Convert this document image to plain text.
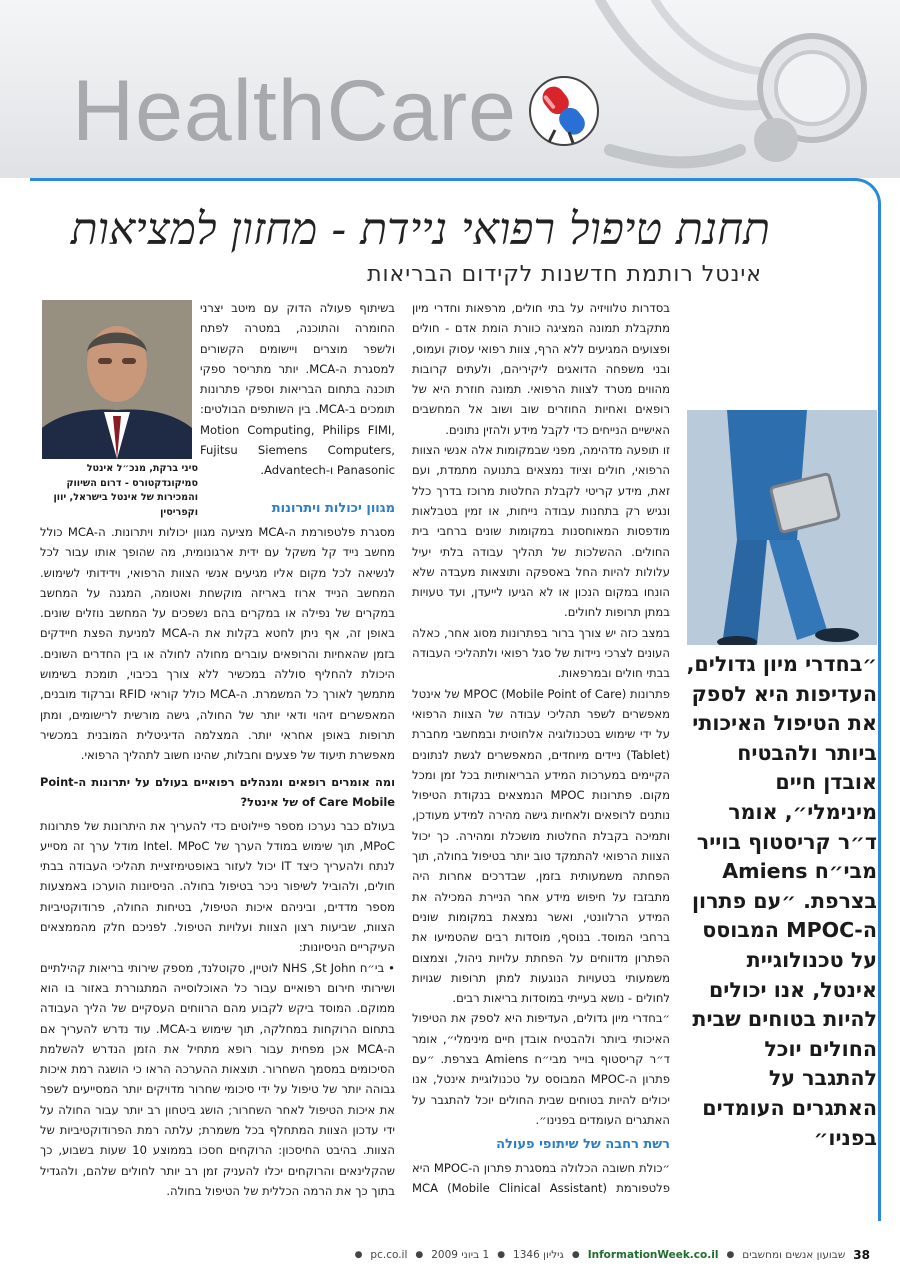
HealthCare
תחנת טיפול רפואי ניידת - מחזון למציאות
אינטל רותמת חדשנות לקידום הבריאות
סיני ברקת, מנכ״ל אינטל סמיקונדקטורס - דרום השיווק והמכירות של אינטל בישראל, יוון וקפריסין
״בחדרי מיון גדולים, העדיפות היא לספק את הטיפול האיכותי ביותר ולהבטיח אובדן חיים מינימלי״, אומר ד״ר קריסטוף בוייר מבי״ח Amiens בצרפת. ״עם פתרון ה-MPOC המבוסס על טכנולוגיית אינטל, אנו יכולים להיות בטוחים שבית החולים יוכל להתגבר על האתגרים העומדים בפניו״

בסדרות טלוויזיה על בתי חולים, מרפאות וחדרי מיון מתקבלת תמונה המציגה כוורת הומת אדם - חולים ופצועים המגיעים ללא הרף, צוות רפואי עסוק ועמוס, ובני משפחה הדואגים ליקיריהם, ולעתים קרובות מהווים מטרד לצוות הרפואי. תמונה חוזרת היא של רופאים ואחיות החוזרים שוב ושוב אל המחשבים האישיים הנייחים כדי לקבל מידע ולהזין נתונים.

זו תופעה מדהימה, מפני שבמקומות אלה אנשי הצוות הרפואי, חולים וציוד נמצאים בתנועה מתמדת, ועם זאת, מידע קריטי לקבלת החלטות מרוכז בדרך כלל ונגיש רק בתחנות עבודה נייחות, או זמין בטבלאות מודפסות המאוחסנות במקומות שונים ברחבי בית החולים. ההשלכות של תהליך עבודה בלתי יעיל עלולות להיות החל באספקה ותוצאות מעבדה שלא הונחו במקום הנכון או לא הגיעו לייעדן, ועד טעויות במתן תרופות לחולים.

במצב כזה יש צורך ברור בפתרונות מסוג אחר, כאלה העונים לצרכי ניידות של סגל רפואי ולתהליכי העבודה בבתי חולים ובמרפאות.

פתרונות (Mobile Point of Care) MPOC של אינטל מאפשרים לשפר תהליכי עבודה של הצוות הרפואי על ידי שימוש בטכנולוגיה אלחוטית ובמחשבי מחברת (Tablet) ניידים מיוחדים, המאפשרים לגשת לנתונים הקיימים במערכות המידע הבריאותיות בכל זמן ומכל מקום. פתרונות MPOC הנמצאים בנקודת הטיפול נותנים לרופאים ולאחיות גישה מהירה למידע מעודכן, ותמיכה בקבלת החלטות מושכלת ומהירה. כך יכול הצוות הרפואי להתמקד טוב יותר בטיפול בחולה, תוך הפחתה משמעותית בזמן, שבדרכים אחרות היה מתבזבז על חיפוש מידע אחר הניירת המכילה את המידע הרלוונטי, ואשר נמצאת במקומות שונים ברחבי המוסד. בנוסף, מוסדות רבים שהטמיעו את הפתרון מדווחים על הפחתת עלויות ניהול, וצמצום משמעותי בטעויות הנוגעות למתן תרופות שגויות לחולים - נושא בעייתי במוסדות בריאות רבים.

״בחדרי מיון גדולים, העדיפות היא לספק את הטיפול האיכותי ביותר ולהבטיח אובדן חיים מינימלי״, אומר ד״ר קריסטוף בוייר מבי״ח Amiens בצרפת. ״עם פתרון ה-MPOC המבוסס על טכנולוגיית אינטל, אנו יכולים להיות בטוחים שבית החולים יוכל להתגבר על האתגרים העומדים בפנינו״.

רשת רחבה של שיתופי פעולה

״כולת חשובה הכלולה במסגרת פתרון ה-MPOC היא פלטפורמת MCA (Mobile Clinical Assistant)

בשיתוף פעולה הדוק עם מיטב יצרני החומרה והתוכנה, במטרה לפתח ולשפר מוצרים ויישומים הקשורים למסגרת ה-MCA. יותר מתריסר ספקי תוכנה בתחום הבריאות וספקי פתרונות תומכים ב-MCA. בין השותפים הבולטים: Motion Computing, Philips FIMI, Fujitsu Siemens Computers, Panasonic ו-Advantech.

מגוון יכולות ויתרונות

מסגרת פלטפורמת ה-MCA מציעה מגוון יכולות ויתרונות. ה-MCA כולל מחשב נייד קל משקל עם ידית ארגונומית, מה שהופך אותו עבור לכל לנשיאה לכל מקום אליו מגיעים אנשי הצוות הרפואי, וידידותי לשימוש. המחשב הנייד ארוז באריזה מוקשחת ואטומה, המגנה על המחשב במקרים של נפילה או במקרים בהם נשפכים על המחשב נוזלים שונים. באופן זה, אף ניתן לחטא בקלות את ה-MCA למניעת הפצת חיידקים בזמן שהאחיות והרופאים עוברים מחולה לחולה או בין החדרים השונים. היכולת להחליף סוללה במכשיר ללא צורך בכיבוי, תומכת בשימוש מתמשך לאורך כל המשמרת. ה-MCA כולל קוראי RFID וברקוד מובנים, המאפשרים זיהוי ודאי יותר של החולה, גישה מורשית לרישומים, ומתן תרופות באופן אחראי יותר. המצלמה הדיגיטלית המובנית במכשיר מאפשרת תיעוד של פצעים וחבלות, שהינו חשוב לתהליך הרפואי.

ומה אומרים רופאים ומנהלים רפואיים בעולם על יתרונות ה-Point of Care Mobile של אינטל?

בעולם כבר נערכו מספר פיילוטים כדי להעריך את היתרונות של פתרונות MPoC, תוך שימוש במודל הערך של Intel. MPoC מודל ערך זה מסייע לנתח ולהעריך כיצד IT יכול לעזור באופטימיזציית תהליכי העבודה בבתי חולים, ולהוביל לשיפור ניכר בטיפול בחולה. הניסיונות הוערכו באמצעות מספר מדדים, וביניהם איכות הטיפול, בטיחות החולה, פרודוקטיביות הצוות, שביעות רצון הצוות ועלויות הטיפול. לפניכם חלק מהממצאים העיקריים הניסיונות:

• בי״ח NHS ,St John לוטיין, סקוטלנד, מספק שירותי בריאות קהילתיים ושירותי חירום רפואיים עבור כל האוכלוסייה המתגוררת באזור בו הוא ממוקם. המוסד ביקש לקבוע מהם הרווחים העסקיים של הליך העבודה בתחום הרוקחות במחלקה, תוך שימוש ב-MCA. עוד נדרש להעריך אם ה-MCA אכן מפחית עבור רופא מתחיל את הזמן הנדרש להשלמת הסיכומים במסמך השחרור. תוצאות ההערכה הראו כי הושגה רמת איכות גבוהה יותר של טיפול על ידי סיכומי שחרור מדויקים יותר המסייעים לשפר את איכות הטיפול לאחר השחרור; הושג ביטחון רב יותר עבור החולה על ידי עדכון הצוות המתחלף בכל משמרת; עלתה רמת הפרודוקטיביות של הצוות. בהיבט החיסכון: הרוקחים חסכו בממוצע 10 שעות בשבוע, כך שהקלינאים והרוקחים יכלו להעניק זמן רב יותר לחולים שלהם, ולהגדיל בתוך כך את הרמה הכללית של הטיפול בחולה.

38
שבועון אנשים ומחשבים
●
InformationWeek.co.il
●
גיליון 1346
●
1 ביוני 2009
●
pc.co.il
●
